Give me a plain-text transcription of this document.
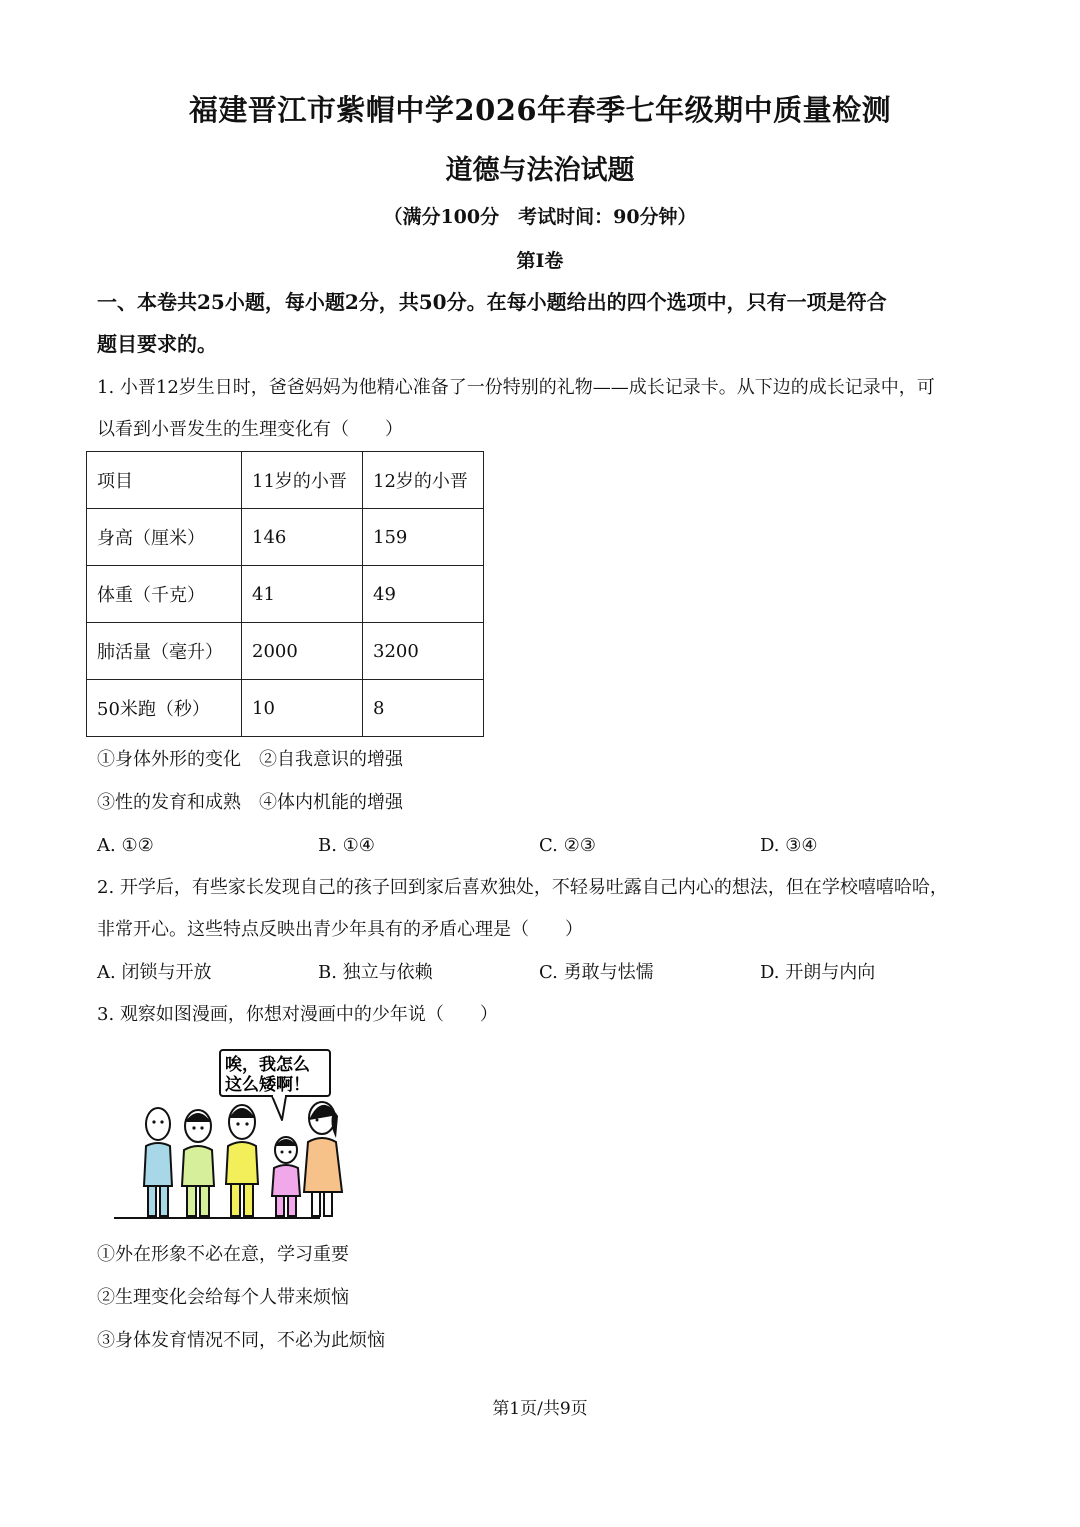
福建晋江市紫帽中学2026年春季七年级期中质量检测
道德与法治试题
（满分100分　考试时间：90分钟）
第I卷
一、本卷共25小题，每小题2分，共50分。在每小题给出的四个选项中，只有一项是符合
题目要求的。
1. 小晋12岁生日时，爸爸妈妈为他精心准备了一份特别的礼物——成长记录卡。从下边的成长记录中，可
以看到小晋发生的生理变化有（　　）
项目	11岁的小晋	12岁的小晋
身高（厘米）	146	159
体重（千克）	41	49
肺活量（毫升）	2000	3200
50米跑（秒）	10	8
①身体外形的变化　②自我意识的增强
③性的发育和成熟　④体内机能的增强
A. ①②	B. ①④	C. ②③	D. ③④
2. 开学后，有些家长发现自己的孩子回到家后喜欢独处，不轻易吐露自己内心的想法，但在学校嘻嘻哈哈，
非常开心。这些特点反映出青少年具有的矛盾心理是（　　）
A. 闭锁与开放	B. 独立与依赖	C. 勇敢与怯懦	D. 开朗与内向
3. 观察如图漫画，你想对漫画中的少年说（　　）
唉，我怎么
这么矮啊！
①外在形象不必在意，学习重要
②生理变化会给每个人带来烦恼
③身体发育情况不同，不必为此烦恼
第1页/共9页
